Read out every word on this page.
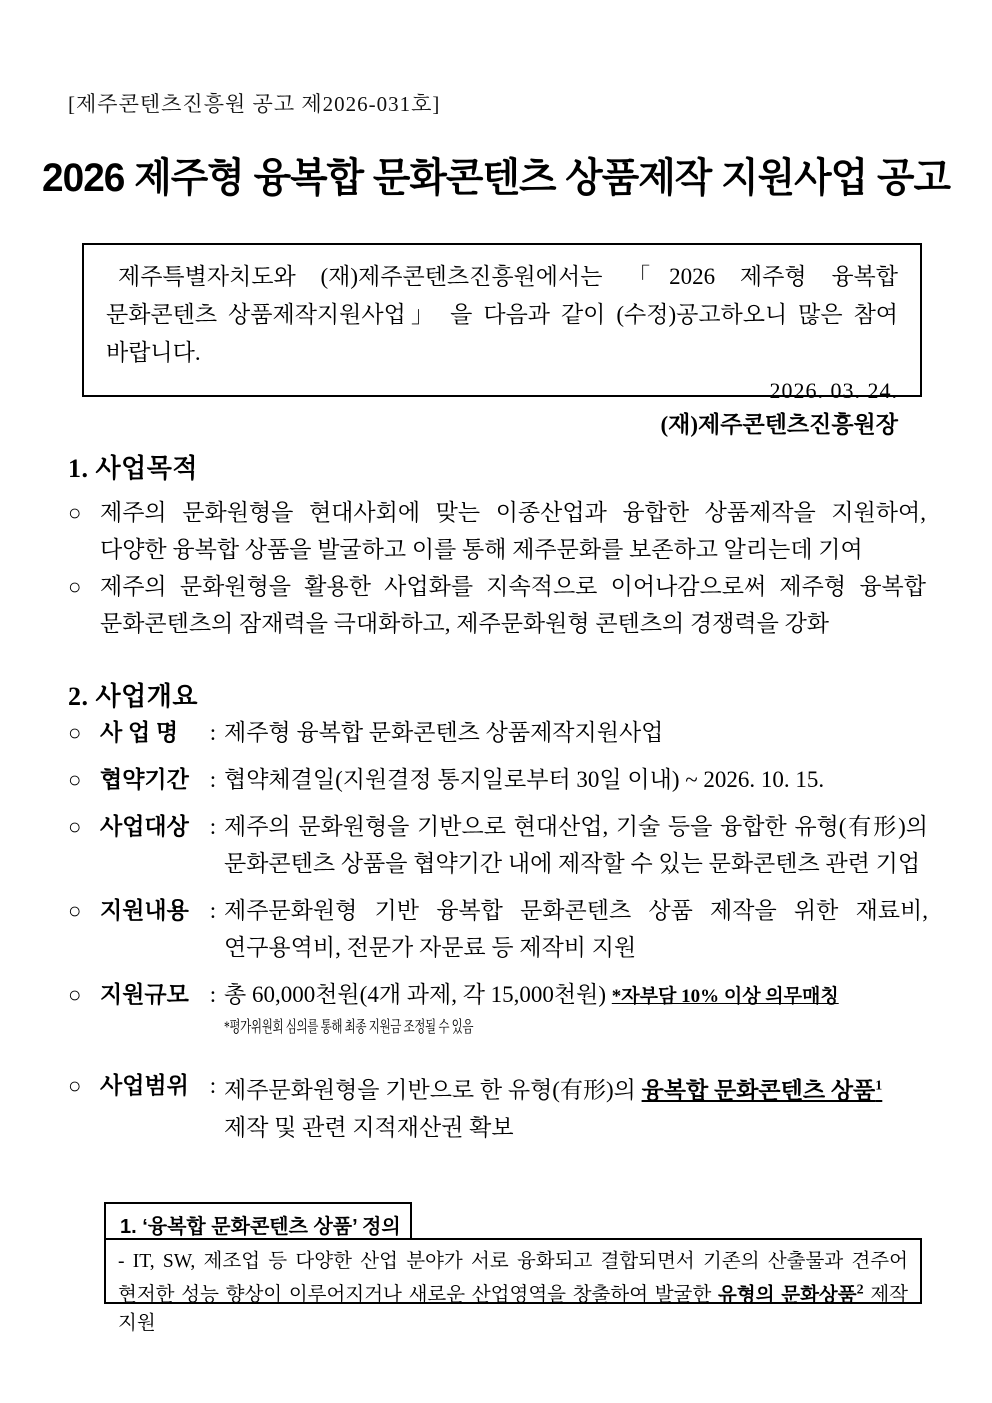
[제주콘텐츠진흥원 공고 제2026-031호]
2026 제주형 융복합 문화콘텐츠 상품제작 지원사업 공고

제주특별자치도와 (재)제주콘텐츠진흥원에서는 「2026 제주형 융복합 문화콘텐츠 상품제작지원사업」 을 다음과 같이 (수정)공고하오니 많은 참여 바랍니다.

2026. 03. 24.
(재)제주콘텐츠진흥원장
1. 사업목적
○ 제주의 문화원형을 현대사회에 맞는 이종산업과 융합한 상품제작을 지원하여, 다양한 융복합 상품을 발굴하고 이를 통해 제주문화를 보존하고 알리는데 기여
○ 제주의 문화원형을 활용한 사업화를 지속적으로 이어나감으로써 제주형 융복합 문화콘텐츠의 잠재력을 극대화하고, 제주문화원형 콘텐츠의 경쟁력을 강화
2. 사업개요
○ 사 업 명	: 제주형 융복합 문화콘텐츠 상품제작지원사업
○ 협약기간 : 협약체결일(지원결정 통지일로부터 30일 이내) ~ 2026. 10. 15.
○ 사업대상 : 제주의 문화원형을 기반으로 현대산업, 기술 등을 융합한 유형(有形)의 문화콘텐츠 상품을 협약기간 내에 제작할 수 있는 문화콘텐츠 관련 기업
○ 지원내용 : 제주문화원형 기반 융복합 문화콘텐츠 상품 제작을 위한 재료비, 연구용역비, 전문가 자문료 등 제작비 지원
○ 지원규모 : 총 60,000천원(4개 과제, 각 15,000천원) *자부담 10% 이상 의무매칭
*평가위원회 심의를 통해 최종 지원금 조정될 수 있음
○ 사업범위 : 제주문화원형을 기반으로 한 유형(有形)의 융복합 문화콘텐츠 상품$^1$
제작 및 관련 지적재산권 확보
1. ‘융복합 문화콘텐츠 상품’ 정의
- IT, SW, 제조업 등 다양한 산업 분야가 서로 융화되고 결합되면서 기존의 산출물과 견주어 현저한 성능 향상이 이루어지거나 새로운 산업영역을 창출하여 발굴한 유형의 문화상품$^2$ 제작 지원
